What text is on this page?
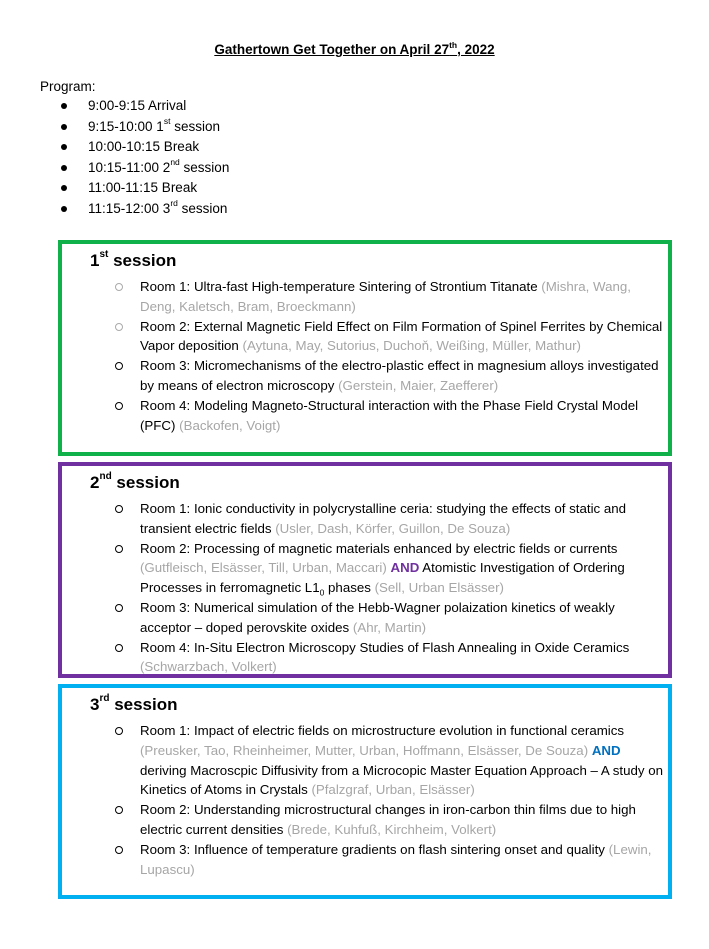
Gathertown Get Together on April 27th, 2022
Program:
9:00-9:15 Arrival
9:15-10:00 1st session
10:00-10:15 Break
10:15-11:00 2nd session
11:00-11:15 Break
11:15-12:00 3rd session
1st session
Room 1: Ultra-fast High-temperature Sintering of Strontium Titanate (Mishra, Wang, Deng, Kaletsch, Bram, Broeckmann)
Room 2: External Magnetic Field Effect on Film Formation of Spinel Ferrites by Chemical Vapor deposition (Aytuna, May, Sutorius, Duchoň, Weißing, Müller, Mathur)
Room 3: Micromechanisms of the electro-plastic effect in magnesium alloys investigated by means of electron microscopy (Gerstein, Maier, Zaefferer)
Room 4: Modeling Magneto-Structural interaction with the Phase Field Crystal Model (PFC) (Backofen, Voigt)
2nd session
Room 1: Ionic conductivity in polycrystalline ceria: studying the effects of static and transient electric fields (Usler, Dash, Körfer, Guillon, De Souza)
Room 2: Processing of magnetic materials enhanced by electric fields or currents (Gutfleisch, Elsässer, Till, Urban, Maccari) AND Atomistic Investigation of Ordering Processes in ferromagnetic $L1_0$ phases (Sell, Urban Elsässer)
Room 3: Numerical simulation of the Hebb-Wagner polaization kinetics of weakly acceptor – doped perovskite oxides (Ahr, Martin)
Room 4: In-Situ Electron Microscopy Studies of Flash Annealing in Oxide Ceramics (Schwarzbach, Volkert)
3rd session
Room 1: Impact of electric fields on microstructure evolution in functional ceramics (Preusker, Tao, Rheinheimer, Mutter, Urban, Hoffmann, Elsässer, De Souza) AND deriving Macroscpic Diffusivity from a Microcopic Master Equation Approach – A study on Kinetics of Atoms in Crystals (Pfalzgraf, Urban, Elsässer)
Room 2: Understanding microstructural changes in iron-carbon thin films due to high electric current densities (Brede, Kuhfuß, Kirchheim, Volkert)
Room 3: Influence of temperature gradients on flash sintering onset and quality (Lewin, Lupascu)
